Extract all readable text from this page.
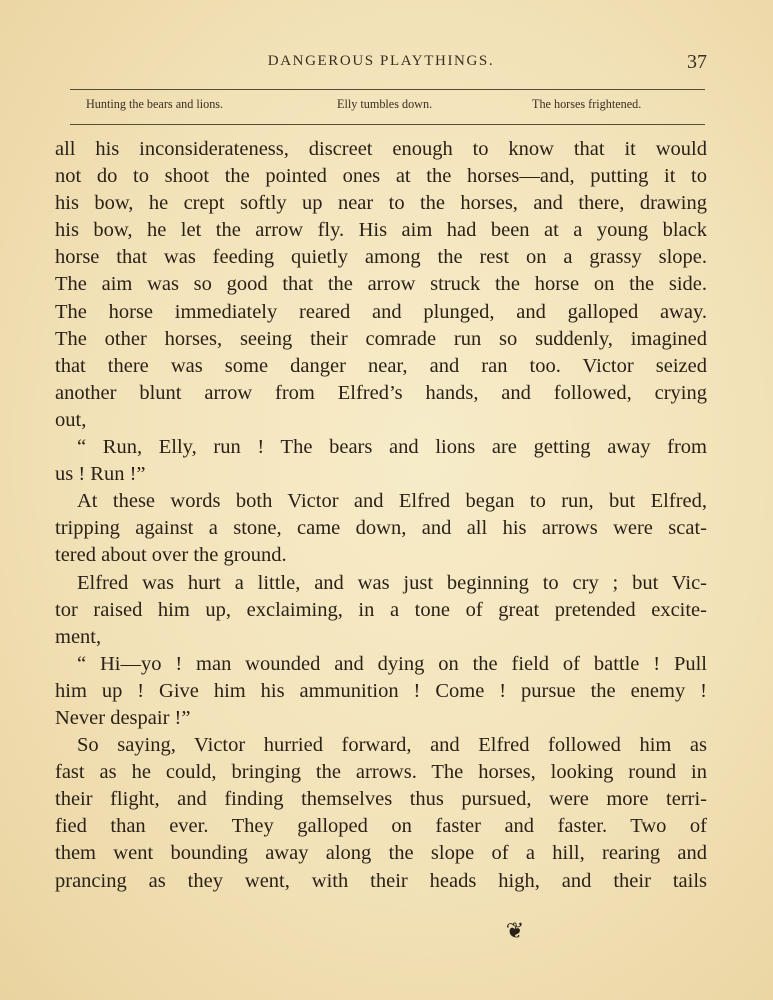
DANGEROUS PLAYTHINGS.	37
Hunting the bears and lions.	Elly tumbles down.	The horses frightened.
all his inconsiderateness, discreet enough to know that it would
not do to shoot the pointed ones at the horses—and, putting it to
his bow, he crept softly up near to the horses, and there, drawing
his bow, he let the arrow fly. His aim had been at a young black
horse that was feeding quietly among the rest on a grassy slope.
The aim was so good that the arrow struck the horse on the side.
The horse immediately reared and plunged, and galloped away.
The other horses, seeing their comrade run so suddenly, imagined
that there was some danger near, and ran too. Victor seized
another blunt arrow from Elfred’s hands, and followed, crying
out,
“ Run, Elly, run ! The bears and lions are getting away from
us ! Run !”
At these words both Victor and Elfred began to run, but Elfred,
tripping against a stone, came down, and all his arrows were scat-
tered about over the ground.
Elfred was hurt a little, and was just beginning to cry ; but Vic-
tor raised him up, exclaiming, in a tone of great pretended excite-
ment,
“ Hi—yo ! man wounded and dying on the field of battle ! Pull
him up ! Give him his ammunition ! Come ! pursue the enemy !
Never despair !”
So saying, Victor hurried forward, and Elfred followed him as
fast as he could, bringing the arrows. The horses, looking round in
their flight, and finding themselves thus pursued, were more terri-
fied than ever. They galloped on faster and faster. Two of
them went bounding away along the slope of a hill, rearing and
prancing as they went, with their heads high, and their tails
❦
